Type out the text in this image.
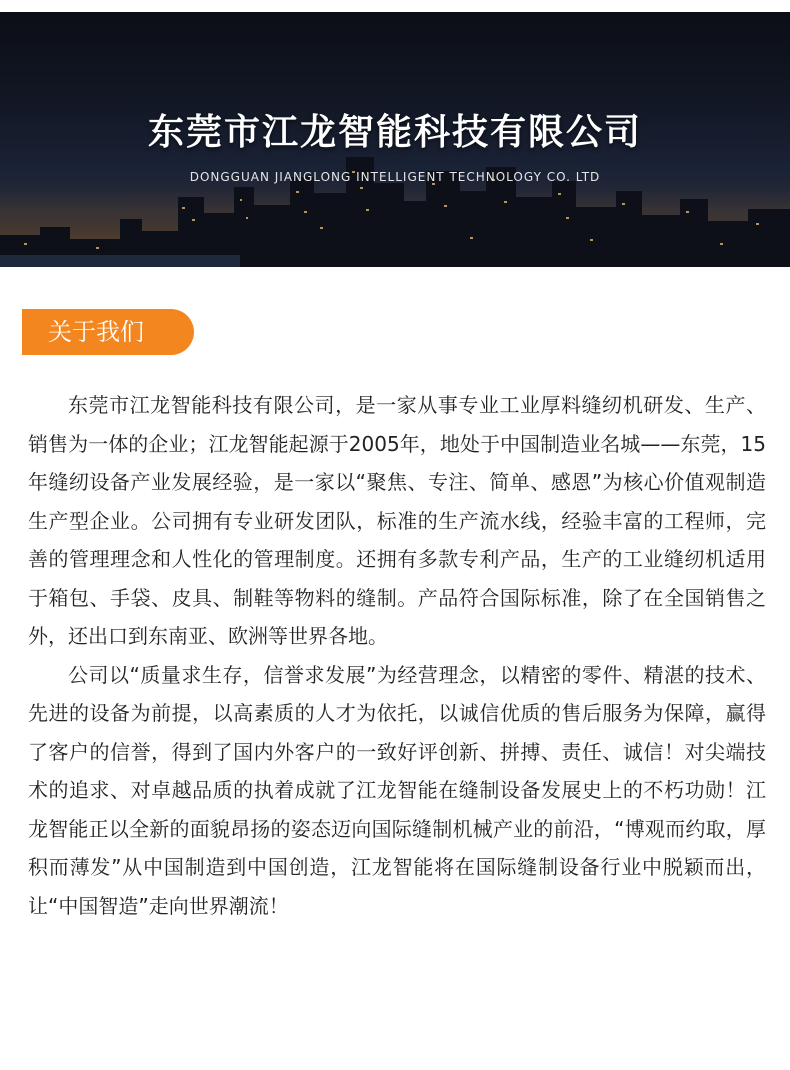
东莞市江龙智能科技有限公司
DONGGUAN JIANGLONG INTELLIGENT TECHNOLOGY CO. LTD
关于我们

东莞市江龙智能科技有限公司，是一家从事专业工业厚料缝纫机研发、生产、销售为一体的企业；江龙智能起源于2005年，地处于中国制造业名城——东莞，15年缝纫设备产业发展经验，是一家以“聚焦、专注、简单、感恩”为核心价值观制造生产型企业。公司拥有专业研发团队，标准的生产流水线，经验丰富的工程师，完善的管理理念和人性化的管理制度。还拥有多款专利产品，生产的工业缝纫机适用于箱包、手袋、皮具、制鞋等物料的缝制。产品符合国际标准，除了在全国销售之外，还出口到东南亚、欧洲等世界各地。

公司以“质量求生存，信誉求发展”为经营理念，以精密的零件、精湛的技术、先进的设备为前提，以高素质的人才为依托，以诚信优质的售后服务为保障，赢得了客户的信誉，得到了国内外客户的一致好评创新、拼搏、责任、诚信！对尖端技术的追求、对卓越品质的执着成就了江龙智能在缝制设备发展史上的不朽功勋！江龙智能正以全新的面貌昂扬的姿态迈向国际缝制机械产业的前沿，“博观而约取，厚积而薄发”从中国制造到中国创造，江龙智能将在国际缝制设备行业中脱颖而出，让“中国智造”走向世界潮流！
